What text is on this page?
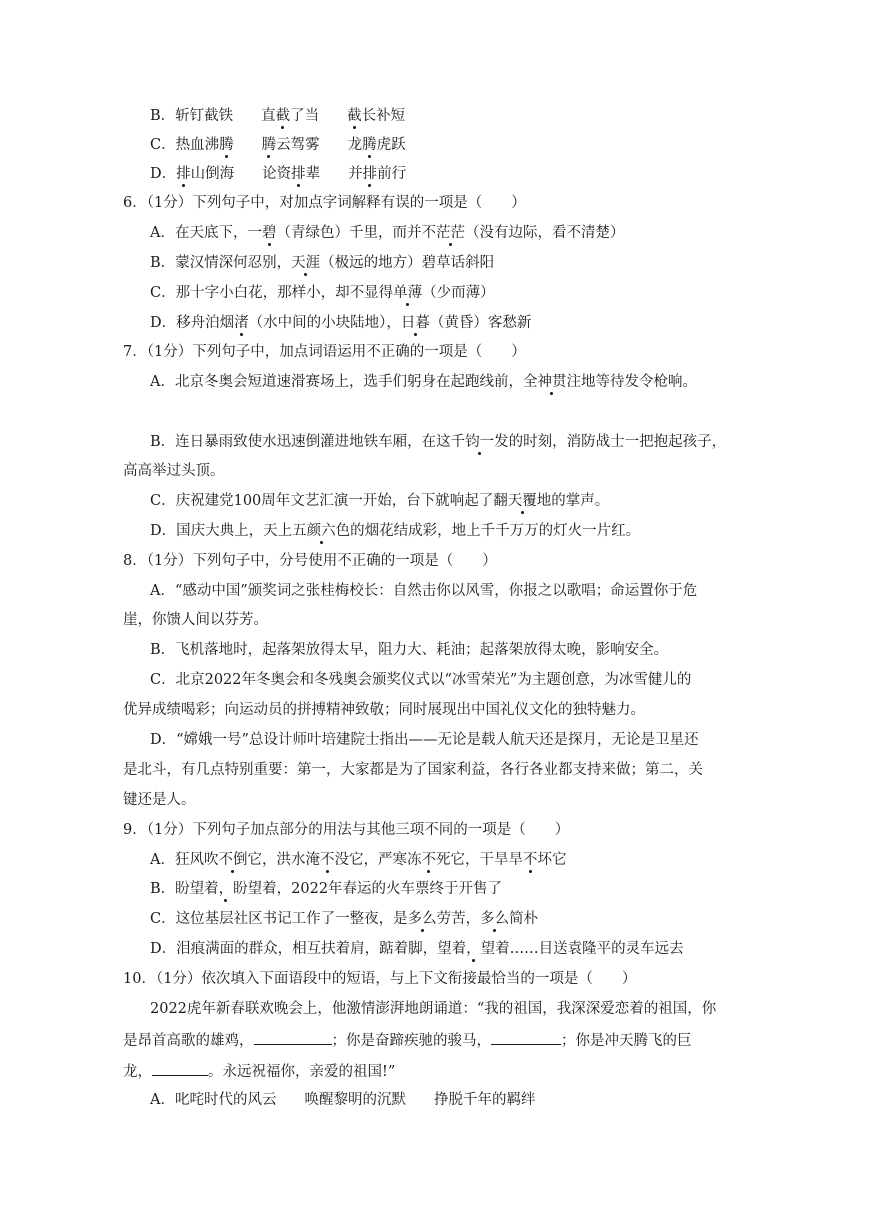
B．斩钉截铁 直截了当 截长补短
C．热血沸腾 腾云驾雾 龙腾虎跃
D．排山倒海 论资排辈 并排前行
6．（1分）下列句子中，对加点字词解释有误的一项是（　　）
A．在天底下，一碧（青绿色）千里，而并不茫茫（没有边际，看不清楚）
B．蒙汉情深何忍别，天涯（极远的地方）碧草话斜阳
C．那十字小白花，那样小，却不显得单薄（少而薄）
D．移舟泊烟渚（水中间的小块陆地），日暮（黄昏）客愁新
7．（1分）下列句子中，加点词语运用不正确的一项是（　　）
A．北京冬奥会短道速滑赛场上，选手们躬身在起跑线前，全神贯注地等待发令枪响。
B．连日暴雨致使水迅速倒灌进地铁车厢，在这千钧一发的时刻，消防战士一把抱起孩子，
高高举过头顶。
C．庆祝建党100周年文艺汇演一开始，台下就响起了翻天覆地的掌声。
D．国庆大典上，天上五颜六色的烟花结成彩，地上千千万万的灯火一片红。
8．（1分）下列句子中，分号使用不正确的一项是（　　）
A．“感动中国”颁奖词之张桂梅校长：自然击你以风雪，你报之以歌唱；命运置你于危
崖，你馈人间以芬芳。
B．飞机落地时，起落架放得太早，阻力大、耗油；起落架放得太晚，影响安全。
C．北京2022年冬奥会和冬残奥会颁奖仪式以“冰雪荣光”为主题创意，为冰雪健儿的
优异成绩喝彩；向运动员的拼搏精神致敬；同时展现出中国礼仪文化的独特魅力。
D．“嫦娥一号”总设计师叶培建院士指出——无论是载人航天还是探月，无论是卫星还
是北斗，有几点特别重要：第一，大家都是为了国家利益，各行各业都支持来做；第二，关
键还是人。
9．（1分）下列句子加点部分的用法与其他三项不同的一项是（　　）
A．狂风吹不倒它，洪水淹不没它，严寒冻不死它，干旱旱不坏它
B．盼望着，盼望着，2022年春运的火车票终于开售了
C．这位基层社区书记工作了一整夜，是多么劳苦，多么简朴
D．泪痕满面的群众，相互扶着肩，踮着脚，望着，望着……目送袁隆平的灵车远去
10．（1分）依次填入下面语段中的短语，与上下文衔接最恰当的一项是（　　）
2022虎年新春联欢晚会上，他激情澎湃地朗诵道：“我的祖国，我深深爱恋着的祖国，你
是昂首高歌的雄鸡，	；你是奋蹄疾驰的骏马，	；你是冲天腾飞的巨
龙，	。永远祝福你，亲爱的祖国!”
A．叱咤时代的风云 唤醒黎明的沉默 挣脱千年的羁绊
